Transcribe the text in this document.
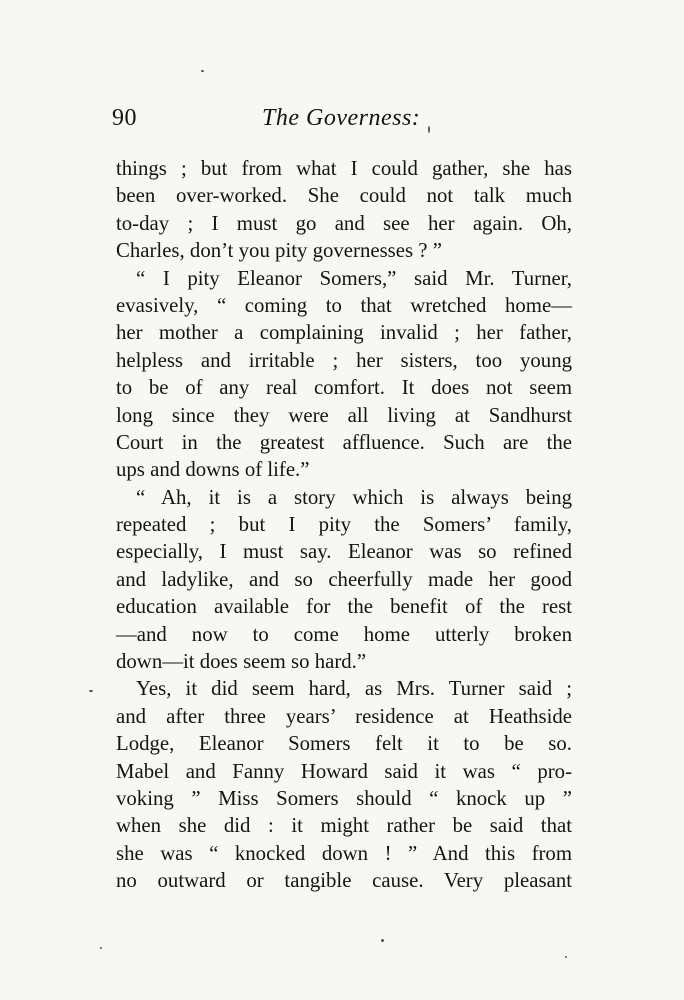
90	The Governess:
things ; but from what I could gather, she has
been over-worked. She could not talk much
to-day ; I must go and see her again. Oh,
Charles, don’t you pity governesses ? ”
“ I pity Eleanor Somers,” said Mr. Turner,
evasively, “ coming to that wretched home—
her mother a complaining invalid ; her father,
helpless and irritable ; her sisters, too young
to be of any real comfort. It does not seem
long since they were all living at Sandhurst
Court in the greatest affluence. Such are the
ups and downs of life.”
“ Ah, it is a story which is always being
repeated ; but I pity the Somers’ family,
especially, I must say. Eleanor was so refined
and ladylike, and so cheerfully made her good
education available for the benefit of the rest
—and now to come home utterly broken
down—it does seem so hard.”
Yes, it did seem hard, as Mrs. Turner said ;
and after three years’ residence at Heathside
Lodge, Eleanor Somers felt it to be so.
Mabel and Fanny Howard said it was “ pro-
voking ” Miss Somers should “ knock up ”
when she did : it might rather be said that
she was “ knocked down ! ” And this from
no outward or tangible cause. Very pleasant
